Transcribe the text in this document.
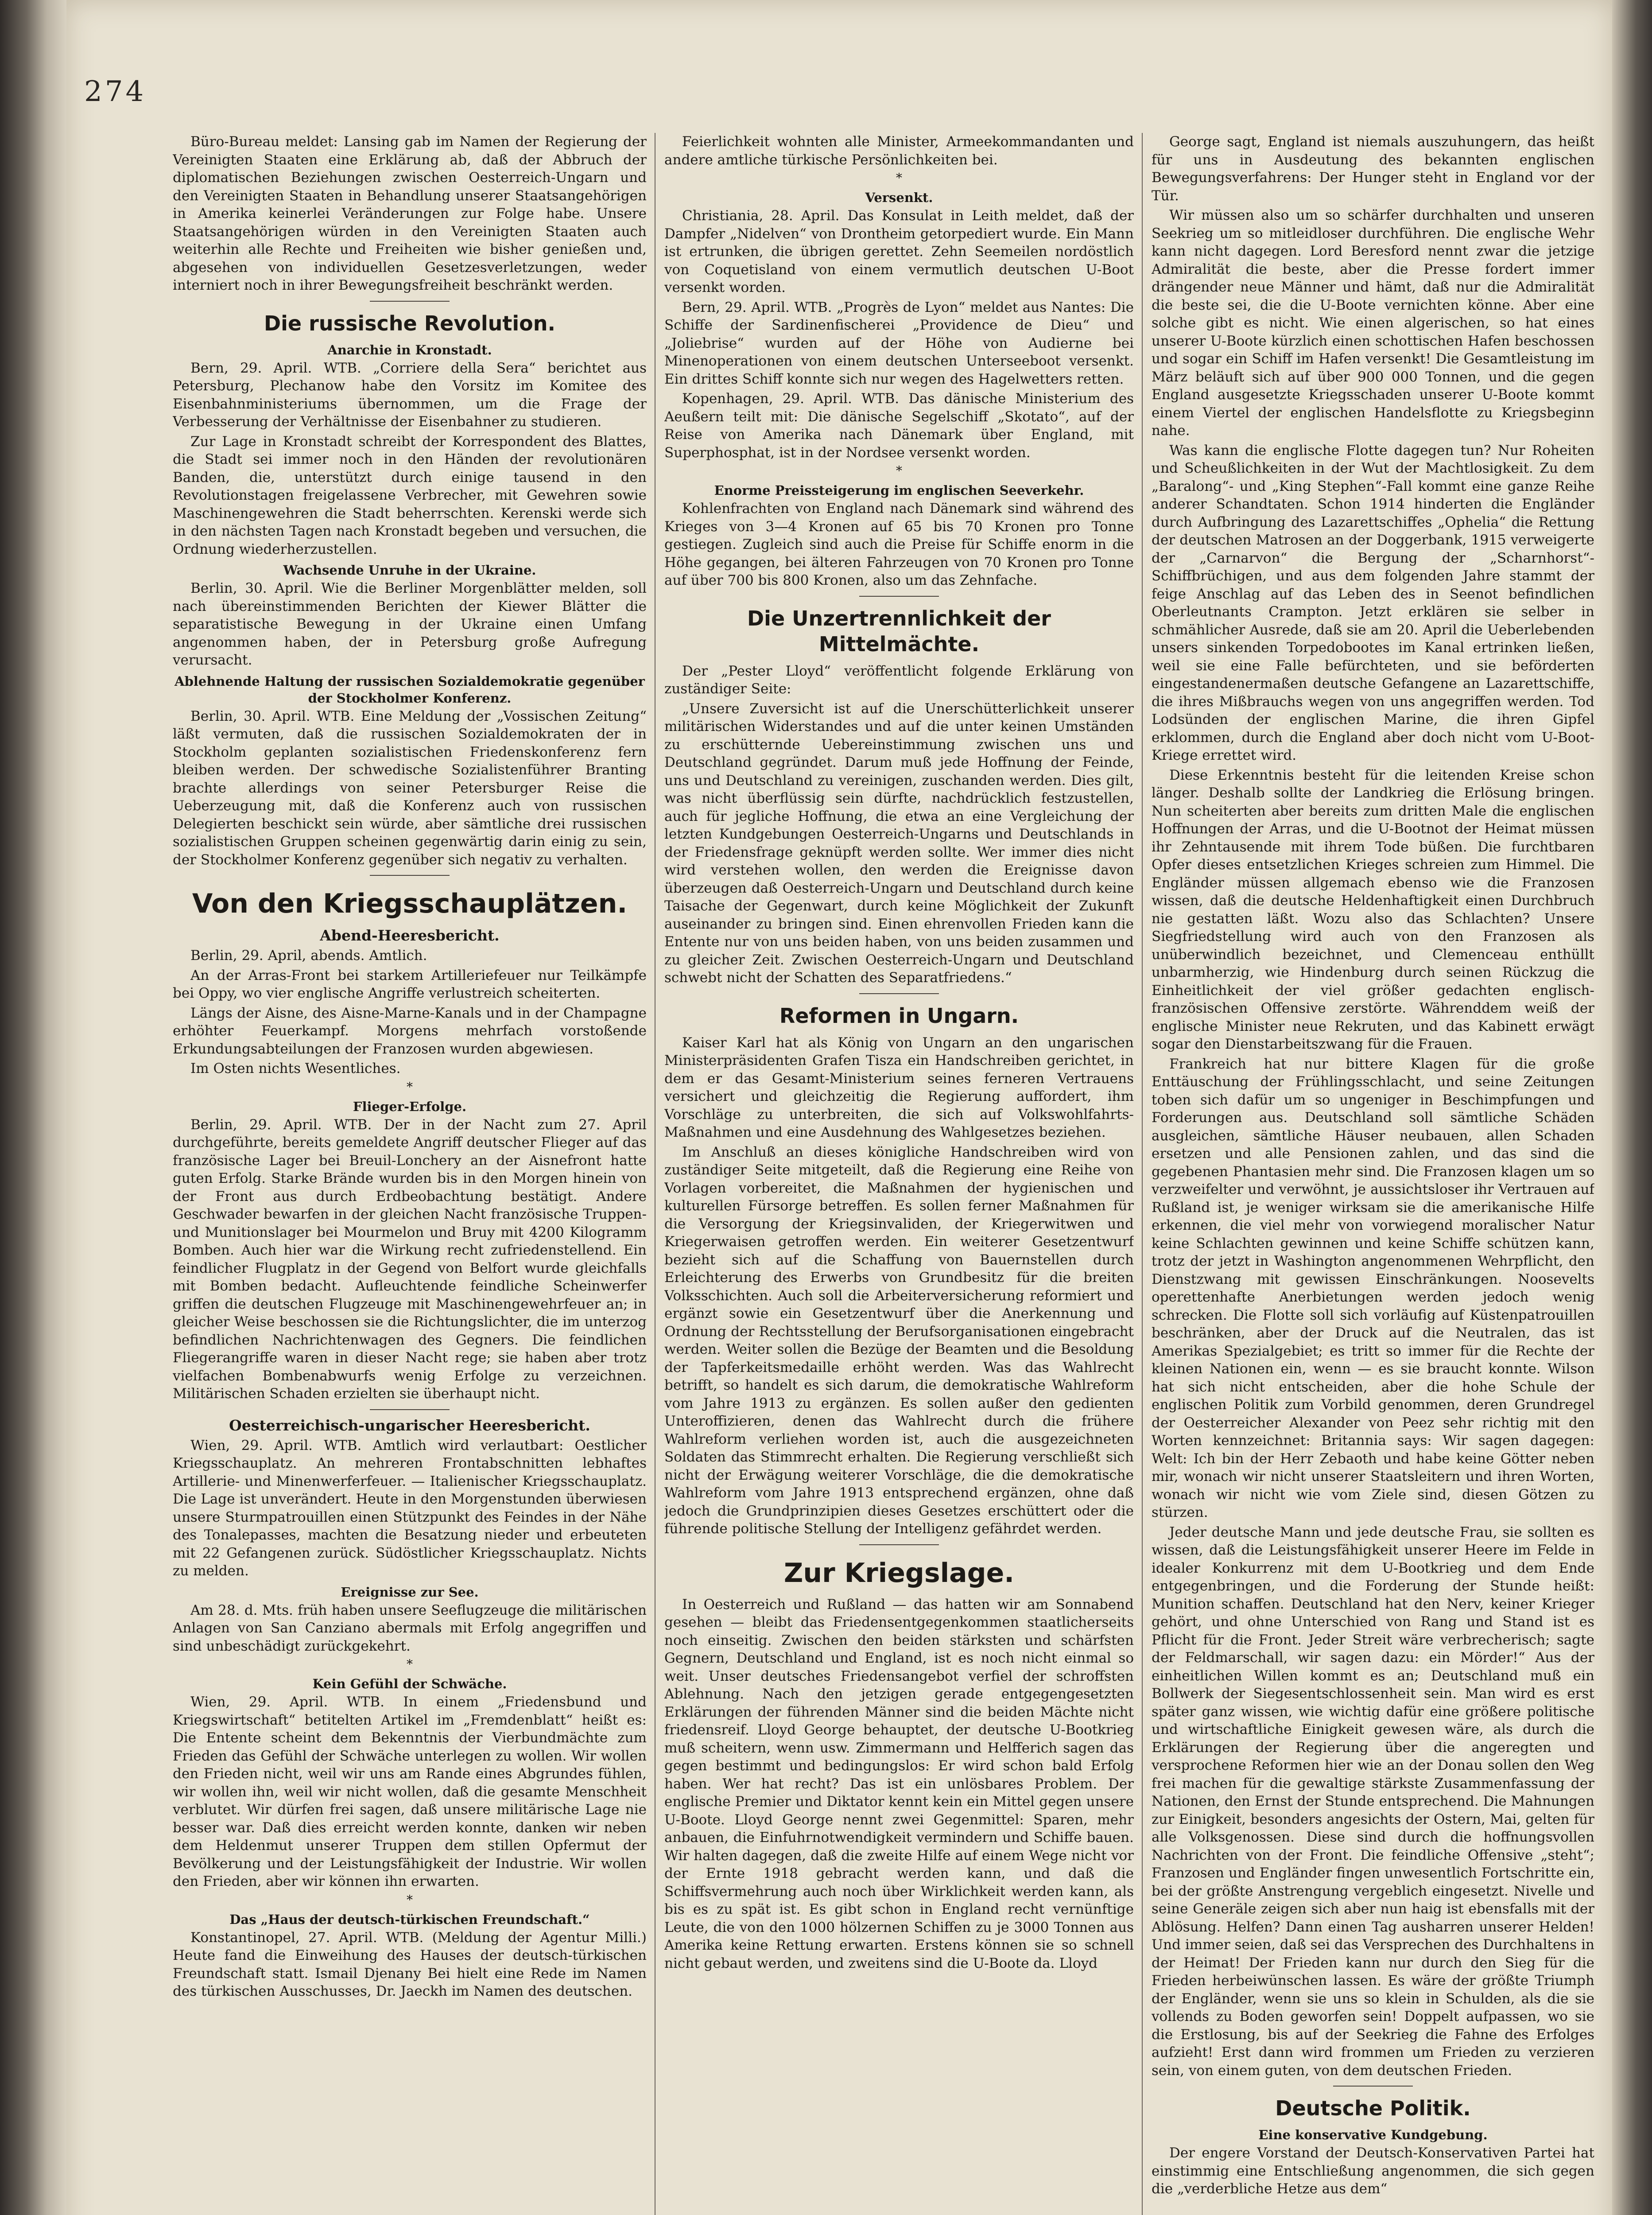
274

Büro-Bureau meldet: Lansing gab im Namen der Regierung der Vereinigten Staaten eine Erklärung ab, daß der Abbruch der diplomatischen Beziehungen zwischen Oesterreich-Ungarn und den Vereinigten Staaten in Behandlung unserer Staatsangehörigen in Amerika keinerlei Veränderungen zur Folge habe. Unsere Staatsangehörigen würden in den Vereinigten Staaten auch weiterhin alle Rechte und Freiheiten wie bisher genießen und, abgesehen von individuellen Gesetzesverletzungen, weder interniert noch in ihrer Bewegungsfreiheit beschränkt werden.

Die russische Revolution.
Anarchie in Kronstadt.

Bern, 29. April. WTB. „Corriere della Sera“ berichtet aus Petersburg, Plechanow habe den Vorsitz im Komitee des Eisenbahnministeriums übernommen, um die Frage der Verbesserung der Verhältnisse der Eisenbahner zu studieren.

Zur Lage in Kronstadt schreibt der Korrespondent des Blattes, die Stadt sei immer noch in den Händen der revolutionären Banden, die, unterstützt durch einige tausend in den Revolutionstagen freigelassene Verbrecher, mit Gewehren sowie Maschinengewehren die Stadt beherrschten. Kerenski werde sich in den nächsten Tagen nach Kronstadt begeben und versuchen, die Ordnung wiederherzustellen.

Wachsende Unruhe in der Ukraine.

Berlin, 30. April. Wie die Berliner Morgenblätter melden, soll nach übereinstimmenden Berichten der Kiewer Blätter die separatistische Bewegung in der Ukraine einen Umfang angenommen haben, der in Petersburg große Aufregung verursacht.

Ablehnende Haltung der russischen Sozialdemokratie gegenüber der Stockholmer Konferenz.

Berlin, 30. April. WTB. Eine Meldung der „Vossischen Zeitung“ läßt vermuten, daß die russischen Sozialdemokraten der in Stockholm geplanten sozialistischen Friedenskonferenz fern bleiben werden. Der schwedische Sozialistenführer Branting brachte allerdings von seiner Petersburger Reise die Ueberzeugung mit, daß die Konferenz auch von russischen Delegierten beschickt sein würde, aber sämtliche drei russischen sozialistischen Gruppen scheinen gegenwärtig darin einig zu sein, der Stockholmer Konferenz gegenüber sich negativ zu verhalten.

Von den Kriegsschauplätzen.
Abend-Heeresbericht.

Berlin, 29. April, abends. Amtlich.

An der Arras-Front bei starkem Artilleriefeuer nur Teilkämpfe bei Oppy, wo vier englische Angriffe verlustreich scheiterten.

Längs der Aisne, des Aisne-Marne-Kanals und in der Champagne erhöhter Feuerkampf. Morgens mehrfach vorstoßende Erkundungsabteilungen der Franzosen wurden abgewiesen.

Im Osten nichts Wesentliches.

*
Flieger-Erfolge.

Berlin, 29. April. WTB. Der in der Nacht zum 27. April durchgeführte, bereits gemeldete Angriff deutscher Flieger auf das französische Lager bei Breuil-Lonchery an der Aisnefront hatte guten Erfolg. Starke Brände wurden bis in den Morgen hinein von der Front aus durch Erdbeobachtung bestätigt. Andere Geschwader bewarfen in der gleichen Nacht französische Truppen- und Munitionslager bei Mourmelon und Bruy mit 4200 Kilogramm Bomben. Auch hier war die Wirkung recht zufriedenstellend. Ein feindlicher Flugplatz in der Gegend von Belfort wurde gleichfalls mit Bomben bedacht. Aufleuchtende feindliche Scheinwerfer griffen die deutschen Flugzeuge mit Maschinengewehrfeuer an; in gleicher Weise beschossen sie die Richtungslichter, die im unterzog befindlichen Nachrichtenwagen des Gegners. Die feindlichen Fliegerangriffe waren in dieser Nacht rege; sie haben aber trotz vielfachen Bombenabwurfs wenig Erfolge zu verzeichnen. Militärischen Schaden erzielten sie überhaupt nicht.

Oesterreichisch-ungarischer Heeresbericht.

Wien, 29. April. WTB. Amtlich wird verlautbart: Oestlicher Kriegsschauplatz. An mehreren Frontabschnitten lebhaftes Artillerie- und Minenwerferfeuer. — Italienischer Kriegsschauplatz. Die Lage ist unverändert. Heute in den Morgenstunden überwiesen unsere Sturmpatrouillen einen Stützpunkt des Feindes in der Nähe des Tonalepasses, machten die Besatzung nieder und erbeuteten mit 22 Gefangenen zurück. Südöstlicher Kriegsschauplatz. Nichts zu melden.

Ereignisse zur See.

Am 28. d. Mts. früh haben unsere Seeflugzeuge die militärischen Anlagen von San Canziano abermals mit Erfolg angegriffen und sind unbeschädigt zurückgekehrt.

*
Kein Gefühl der Schwäche.

Wien, 29. April. WTB. In einem „Friedensbund und Kriegswirtschaft“ betitelten Artikel im „Fremdenblatt“ heißt es: Die Entente scheint dem Bekenntnis der Vierbundmächte zum Frieden das Gefühl der Schwäche unterlegen zu wollen. Wir wollen den Frieden nicht, weil wir uns am Rande eines Abgrundes fühlen, wir wollen ihn, weil wir nicht wollen, daß die gesamte Menschheit verblutet. Wir dürfen frei sagen, daß unsere militärische Lage nie besser war. Daß dies erreicht werden konnte, danken wir neben dem Heldenmut unserer Truppen dem stillen Opfermut der Bevölkerung und der Leistungsfähigkeit der Industrie. Wir wollen den Frieden, aber wir können ihn erwarten.

*
Das „Haus der deutsch-türkischen Freundschaft.“

Konstantinopel, 27. April. WTB. (Meldung der Agentur Milli.) Heute fand die Einweihung des Hauses der deutsch-türkischen Freundschaft statt. Ismail Djenany Bei hielt eine Rede im Namen des türkischen Ausschusses, Dr. Jaeckh im Namen des deutschen.

Feierlichkeit wohnten alle Minister, Armeekommandanten und andere amtliche türkische Persönlichkeiten bei.

*
Versenkt.

Christiania, 28. April. Das Konsulat in Leith meldet, daß der Dampfer „Nidelven“ von Drontheim getorpediert wurde. Ein Mann ist ertrunken, die übrigen gerettet. Zehn Seemeilen nordöstlich von Coquetisland von einem vermutlich deutschen U-Boot versenkt worden.

Bern, 29. April. WTB. „Progrès de Lyon“ meldet aus Nantes: Die Schiffe der Sardinenfischerei „Providence de Dieu“ und „Joliebrise“ wurden auf der Höhe von Audierne bei Minenoperationen von einem deutschen Unterseeboot versenkt. Ein drittes Schiff konnte sich nur wegen des Hagelwetters retten.

Kopenhagen, 29. April. WTB. Das dänische Ministerium des Aeußern teilt mit: Die dänische Segelschiff „Skotato“, auf der Reise von Amerika nach Dänemark über England, mit Superphosphat, ist in der Nordsee versenkt worden.

*
Enorme Preissteigerung im englischen Seeverkehr.

Kohlenfrachten von England nach Dänemark sind während des Krieges von 3—4 Kronen auf 65 bis 70 Kronen pro Tonne gestiegen. Zugleich sind auch die Preise für Schiffe enorm in die Höhe gegangen, bei älteren Fahrzeugen von 70 Kronen pro Tonne auf über 700 bis 800 Kronen, also um das Zehnfache.

Die Unzertrennlichkeit der Mittelmächte.

Der „Pester Lloyd“ veröffentlicht folgende Erklärung von zuständiger Seite:

„Unsere Zuversicht ist auf die Unerschütterlichkeit unserer militärischen Widerstandes und auf die unter keinen Umständen zu erschütternde Uebereinstimmung zwischen uns und Deutschland gegründet. Darum muß jede Hoffnung der Feinde, uns und Deutschland zu vereinigen, zuschanden werden. Dies gilt, was nicht überflüssig sein dürfte, nachdrücklich festzustellen, auch für jegliche Hoffnung, die etwa an eine Vergleichung der letzten Kundgebungen Oesterreich-Ungarns und Deutschlands in der Friedensfrage geknüpft werden sollte. Wer immer dies nicht wird verstehen wollen, den werden die Ereignisse davon überzeugen daß Oesterreich-Ungarn und Deutschland durch keine Taisache der Gegenwart, durch keine Möglichkeit der Zukunft auseinander zu bringen sind. Einen ehrenvollen Frieden kann die Entente nur von uns beiden haben, von uns beiden zusammen und zu gleicher Zeit. Zwischen Oesterreich-Ungarn und Deutschland schwebt nicht der Schatten des Separatfriedens.“

Reformen in Ungarn.

Kaiser Karl hat als König von Ungarn an den ungarischen Ministerpräsidenten Grafen Tisza ein Handschreiben gerichtet, in dem er das Gesamt-Ministerium seines ferneren Vertrauens versichert und gleichzeitig die Regierung auffordert, ihm Vorschläge zu unterbreiten, die sich auf Volkswohlfahrts-Maßnahmen und eine Ausdehnung des Wahlgesetzes beziehen.

Im Anschluß an dieses königliche Handschreiben wird von zuständiger Seite mitgeteilt, daß die Regierung eine Reihe von Vorlagen vorbereitet, die Maßnahmen der hygienischen und kulturellen Fürsorge betreffen. Es sollen ferner Maßnahmen für die Versorgung der Kriegsinvaliden, der Kriegerwitwen und Kriegerwaisen getroffen werden. Ein weiterer Gesetzentwurf bezieht sich auf die Schaffung von Bauernstellen durch Erleichterung des Erwerbs von Grundbesitz für die breiten Volksschichten. Auch soll die Arbeiterversicherung reformiert und ergänzt sowie ein Gesetzentwurf über die Anerkennung und Ordnung der Rechtsstellung der Berufsorganisationen eingebracht werden. Weiter sollen die Bezüge der Beamten und die Besoldung der Tapferkeitsmedaille erhöht werden. Was das Wahlrecht betrifft, so handelt es sich darum, die demokratische Wahlreform vom Jahre 1913 zu ergänzen. Es sollen außer den gedienten Unteroffizieren, denen das Wahlrecht durch die frühere Wahlreform verliehen worden ist, auch die ausgezeichneten Soldaten das Stimmrecht erhalten. Die Regierung verschließt sich nicht der Erwägung weiterer Vorschläge, die die demokratische Wahlreform vom Jahre 1913 entsprechend ergänzen, ohne daß jedoch die Grundprinzipien dieses Gesetzes erschüttert oder die führende politische Stellung der Intelligenz gefährdet werden.

Zur Kriegslage.

In Oesterreich und Rußland — das hatten wir am Sonnabend gesehen — bleibt das Friedensentgegenkommen staatlicherseits noch einseitig. Zwischen den beiden stärksten und schärfsten Gegnern, Deutschland und England, ist es noch nicht einmal so weit. Unser deutsches Friedensangebot verfiel der schroffsten Ablehnung. Nach den jetzigen gerade entgegengesetzten Erklärungen der führenden Männer sind die beiden Mächte nicht friedensreif. Lloyd George behauptet, der deutsche U-Bootkrieg muß scheitern, wenn usw. Zimmermann und Helfferich sagen das gegen bestimmt und bedingungslos: Er wird schon bald Erfolg haben. Wer hat recht? Das ist ein unlösbares Problem. Der englische Premier und Diktator kennt kein ein Mittel gegen unsere U-Boote. Lloyd George nennt zwei Gegenmittel: Sparen, mehr anbauen, die Einfuhrnotwendigkeit vermindern und Schiffe bauen. Wir halten dagegen, daß die zweite Hilfe auf einem Wege nicht vor der Ernte 1918 gebracht werden kann, und daß die Schiffsvermehrung auch noch über Wirklichkeit werden kann, als bis es zu spät ist. Es gibt schon in England recht vernünftige Leute, die von den 1000 hölzernen Schiffen zu je 3000 Tonnen aus Amerika keine Rettung erwarten. Erstens können sie so schnell nicht gebaut werden, und zweitens sind die U-Boote da. Lloyd

George sagt, England ist niemals auszuhungern, das heißt für uns in Ausdeutung des bekannten englischen Bewegungsverfahrens: Der Hunger steht in England vor der Tür.

Wir müssen also um so schärfer durchhalten und unseren Seekrieg um so mitleidloser durchführen. Die englische Wehr kann nicht dagegen. Lord Beresford nennt zwar die jetzige Admiralität die beste, aber die Presse fordert immer drängender neue Männer und hämt, daß nur die Admiralität die beste sei, die die U-Boote vernichten könne. Aber eine solche gibt es nicht. Wie einen algerischen, so hat eines unserer U-Boote kürzlich einen schottischen Hafen beschossen und sogar ein Schiff im Hafen versenkt! Die Gesamtleistung im März beläuft sich auf über 900 000 Tonnen, und die gegen England ausgesetzte Kriegsschaden unserer U-Boote kommt einem Viertel der englischen Handelsflotte zu Kriegsbeginn nahe.

Was kann die englische Flotte dagegen tun? Nur Roheiten und Scheußlichkeiten in der Wut der Machtlosigkeit. Zu dem „Baralong“- und „King Stephen“-Fall kommt eine ganze Reihe anderer Schandtaten. Schon 1914 hinderten die Engländer durch Aufbringung des Lazarettschiffes „Ophelia“ die Rettung der deutschen Matrosen an der Doggerbank, 1915 verweigerte der „Carnarvon“ die Bergung der „Scharnhorst“-Schiffbrüchigen, und aus dem folgenden Jahre stammt der feige Anschlag auf das Leben des in Seenot befindlichen Oberleutnants Crampton. Jetzt erklären sie selber in schmählicher Ausrede, daß sie am 20. April die Ueberlebenden unsers sinkenden Torpedobootes im Kanal ertrinken ließen, weil sie eine Falle befürchteten, und sie beförderten eingestandenermaßen deutsche Gefangene an Lazarettschiffe, die ihres Mißbrauchs wegen von uns angegriffen werden. Tod Lodsünden der englischen Marine, die ihren Gipfel erklommen, durch die England aber doch nicht vom U-Boot-Kriege errettet wird.

Diese Erkenntnis besteht für die leitenden Kreise schon länger. Deshalb sollte der Landkrieg die Erlösung bringen. Nun scheiterten aber bereits zum dritten Male die englischen Hoffnungen der Arras, und die U-Bootnot der Heimat müssen ihr Zehntausende mit ihrem Tode büßen. Die furchtbaren Opfer dieses entsetzlichen Krieges schreien zum Himmel. Die Engländer müssen allgemach ebenso wie die Franzosen wissen, daß die deutsche Heldenhaftigkeit einen Durchbruch nie gestatten läßt. Wozu also das Schlachten? Unsere Siegfriedstellung wird auch von den Franzosen als unüberwindlich bezeichnet, und Clemenceau enthüllt unbarmherzig, wie Hindenburg durch seinen Rückzug die Einheitlichkeit der viel größer gedachten englisch-französischen Offensive zerstörte. Währenddem weiß der englische Minister neue Rekruten, und das Kabinett erwägt sogar den Dienstarbeitszwang für die Frauen.

Frankreich hat nur bittere Klagen für die große Enttäuschung der Frühlingsschlacht, und seine Zeitungen toben sich dafür um so ungeniger in Beschimpfungen und Forderungen aus. Deutschland soll sämtliche Schäden ausgleichen, sämtliche Häuser neubauen, allen Schaden ersetzen und alle Pensionen zahlen, und das sind die gegebenen Phantasien mehr sind. Die Franzosen klagen um so verzweifelter und verwöhnt, je aussichtsloser ihr Vertrauen auf Rußland ist, je weniger wirksam sie die amerikanische Hilfe erkennen, die viel mehr von vorwiegend moralischer Natur keine Schlachten gewinnen und keine Schiffe schützen kann, trotz der jetzt in Washington angenommenen Wehrpflicht, den Dienstzwang mit gewissen Einschränkungen. Noosevelts operettenhafte Anerbietungen werden jedoch wenig schrecken. Die Flotte soll sich vorläufig auf Küstenpatrouillen beschränken, aber der Druck auf die Neutralen, das ist Amerikas Spezialgebiet; es tritt so immer für die Rechte der kleinen Nationen ein, wenn — es sie braucht konnte. Wilson hat sich nicht entscheiden, aber die hohe Schule der englischen Politik zum Vorbild genommen, deren Grundregel der Oesterreicher Alexander von Peez sehr richtig mit den Worten kennzeichnet: Britannia says: Wir sagen dagegen: Welt: Ich bin der Herr Zebaoth und habe keine Götter neben mir, wonach wir nicht unserer Staatsleitern und ihren Worten, wonach wir nicht wie vom Ziele sind, diesen Götzen zu stürzen.

Jeder deutsche Mann und jede deutsche Frau, sie sollten es wissen, daß die Leistungsfähigkeit unserer Heere im Felde in idealer Konkurrenz mit dem U-Bootkrieg und dem Ende entgegenbringen, und die Forderung der Stunde heißt: Munition schaffen. Deutschland hat den Nerv, keiner Krieger gehört, und ohne Unterschied von Rang und Stand ist es Pflicht für die Front. Jeder Streit wäre verbrecherisch; sagte der Feldmarschall, wir sagen dazu: ein Mörder!“ Aus der einheitlichen Willen kommt es an; Deutschland muß ein Bollwerk der Siegesentschlossenheit sein. Man wird es erst später ganz wissen, wie wichtig dafür eine größere politische und wirtschaftliche Einigkeit gewesen wäre, als durch die Erklärungen der Regierung über die angeregten und versprochene Reformen hier wie an der Donau sollen den Weg frei machen für die gewaltige stärkste Zusammenfassung der Nationen, den Ernst der Stunde entsprechend. Die Mahnungen zur Einigkeit, besonders angesichts der Ostern, Mai, gelten für alle Volksgenossen. Diese sind durch die hoffnungsvollen Nachrichten von der Front. Die feindliche Offensive „steht“; Franzosen und Engländer fingen unwesentlich Fortschritte ein, bei der größte Anstrengung vergeblich eingesetzt. Nivelle und seine Generäle zeigen sich aber nun haig ist ebensfalls mit der Ablösung. Helfen? Dann einen Tag ausharren unserer Helden! Und immer seien, daß sei das Versprechen des Durchhaltens in der Heimat! Der Frieden kann nur durch den Sieg für die Frieden herbeiwünschen lassen. Es wäre der größte Triumph der Engländer, wenn sie uns so klein in Schulden, als die sie vollends zu Boden geworfen sein! Doppelt aufpassen, wo sie die Erstlosung, bis auf der Seekrieg die Fahne des Erfolges aufzieht! Erst dann wird frommen um Frieden zu verzieren sein, von einem guten, von dem deutschen Frieden.

Deutsche Politik.
Eine konservative Kundgebung.

Der engere Vorstand der Deutsch-Konservativen Partei hat einstimmig eine Entschließung angenommen, die sich gegen die „verderbliche Hetze aus dem“
